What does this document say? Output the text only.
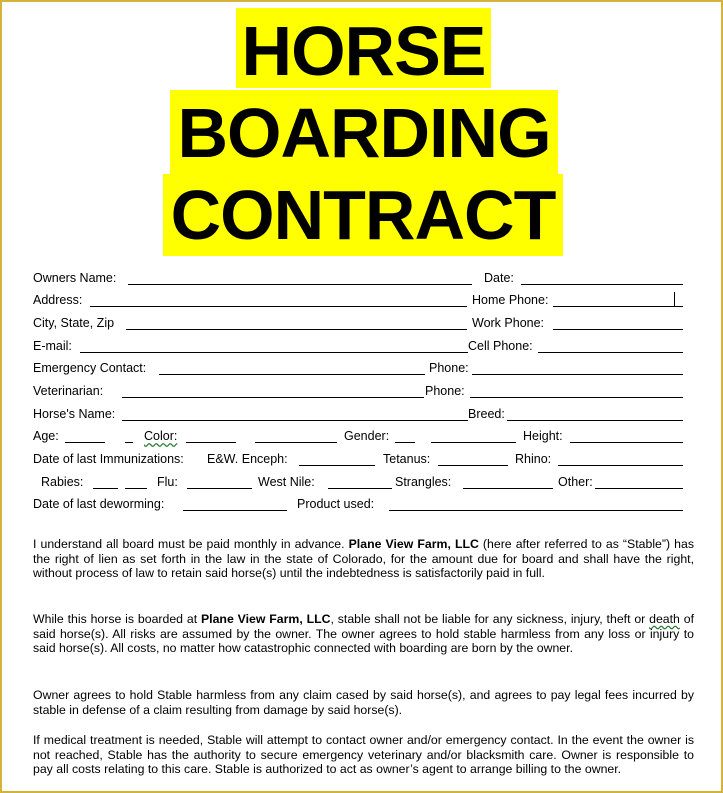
HORSE
BOARDING
CONTRACT
Owners Name:	Date:
Address:	Home Phone:
City, State, Zip	Work Phone:
E-mail:	Cell Phone:
Emergency Contact:	Phone:
Veterinarian:	Phone:
Horse's Name:	Breed:
Age:	Color:	Gender:	Height:
Date of last Immunizations: E&W. Enceph:	Tetanus:	Rhino:
Rabies:	Flu:	West Nile:	Strangles:	Other:
Date of last deworming:	Product used:
I understand all board must be paid monthly in advance. Plane View Farm, LLC (here after referred to as “Stable”) has the right of lien as set forth in the law in the state of Colorado, for the amount due for board and shall have the right, without process of law to retain said horse(s) until the indebtedness is satisfactorily paid in full.
While this horse is boarded at Plane View Farm, LLC, stable shall not be liable for any sickness, injury, theft or death of said horse(s). All risks are assumed by the owner. The owner agrees to hold stable harmless from any loss or injury to said horse(s). All costs, no matter how catastrophic connected with boarding are born by the owner.
Owner agrees to hold Stable harmless from any claim cased by said horse(s), and agrees to pay legal fees incurred by stable in defense of a claim resulting from damage by said horse(s).
If medical treatment is needed, Stable will attempt to contact owner and/or emergency contact. In the event the owner is not reached, Stable has the authority to secure emergency veterinary and/or blacksmith care. Owner is responsible to pay all costs relating to this care. Stable is authorized to act as owner’s agent to arrange billing to the owner.
